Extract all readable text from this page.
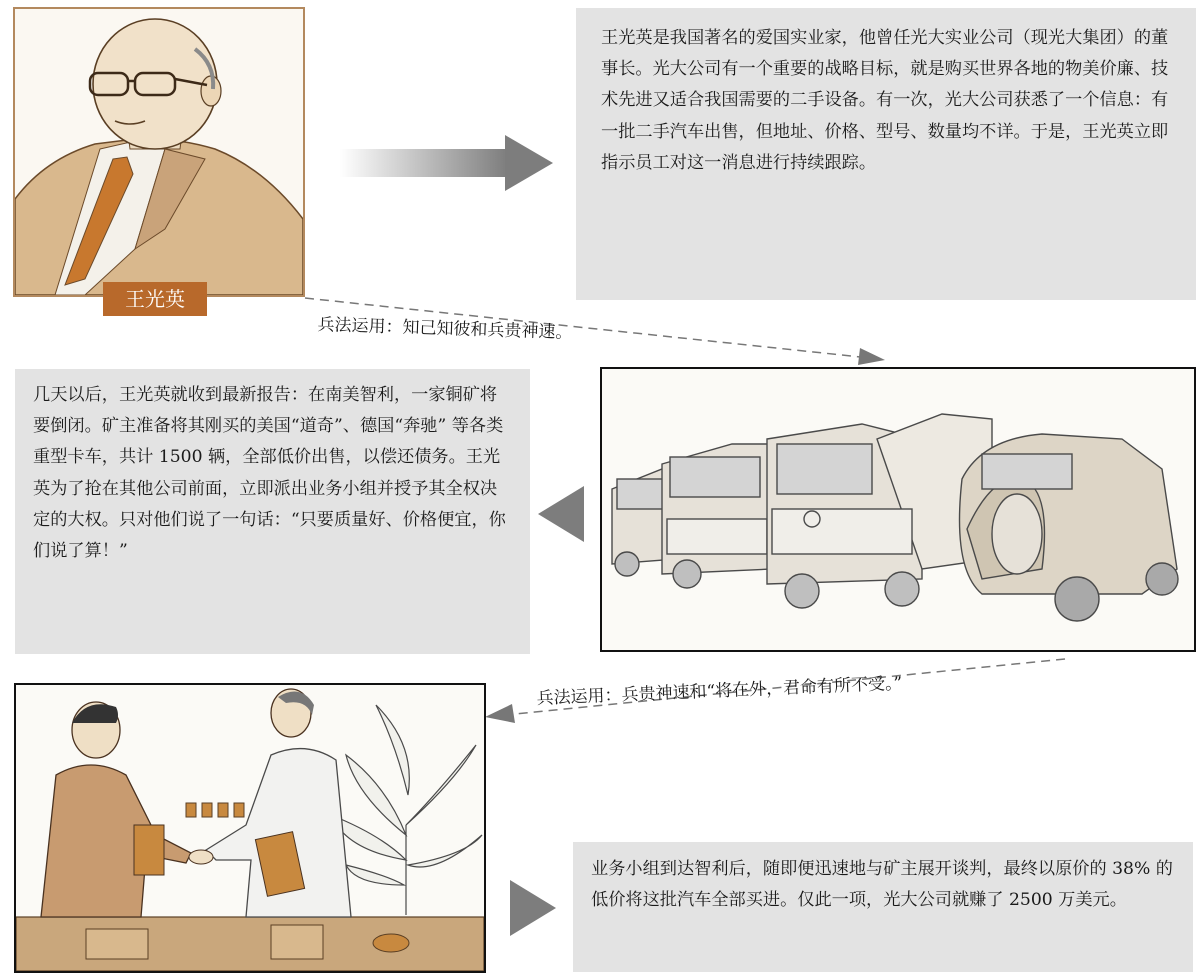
王光英
王光英是我国著名的爱国实业家，他曾任光大实业公司（现光大集团）的董事长。光大公司有一个重要的战略目标，就是购买世界各地的物美价廉、技术先进又适合我国需要的二手设备。有一次，光大公司获悉了一个信息：有一批二手汽车出售，但地址、价格、型号、数量均不详。于是，王光英立即指示员工对这一消息进行持续跟踪。
兵法运用：知己知彼和兵贵神速。
几天以后，王光英就收到最新报告：在南美智利，一家铜矿将要倒闭。矿主准备将其刚买的美国“道奇”、德国“奔驰” 等各类重型卡车，共计 1500 辆，全部低价出售，以偿还债务。王光英为了抢在其他公司前面，立即派出业务小组并授予其全权决定的大权。只对他们说了一句话：“只要质量好、价格便宜，你们说了算！”
兵法运用：兵贵神速和“将在外，君命有所不受。”
业务小组到达智利后，随即便迅速地与矿主展开谈判，最终以原价的 38% 的低价将这批汽车全部买进。仅此一项，光大公司就赚了 2500 万美元。
